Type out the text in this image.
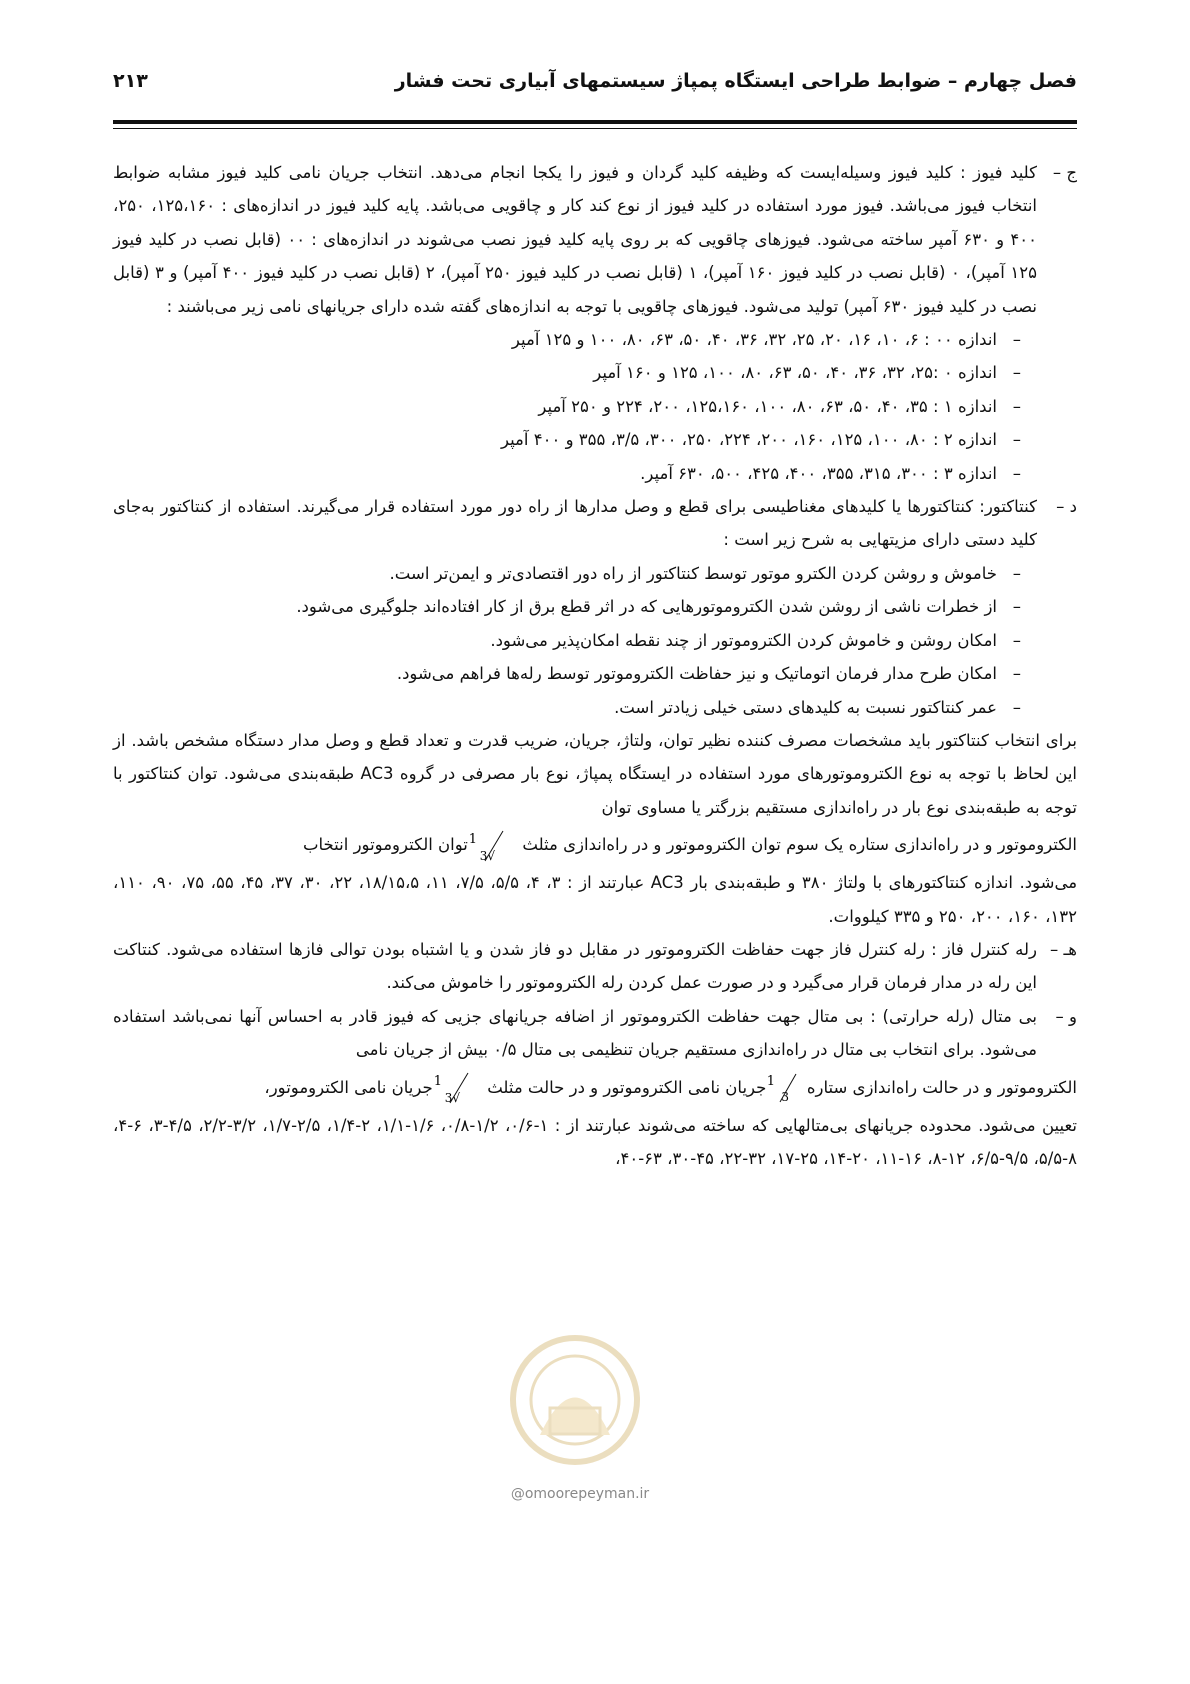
فصل چهارم – ضوابط طراحی ایستگاه پمپاژ سیستمهای آبیاری تحت فشار
۲۱۳
ج –

کلید فیوز : کلید فیوز وسیله‌ایست که وظیفه کلید گردان و فیوز را یکجا انجام می‌دهد. انتخاب جریان نامی کلید فیوز مشابه ضوابط انتخاب فیوز می‌باشد. فیوز مورد استفاده در کلید فیوز از نوع کند کار و چاقویی می‌باشد. پایه کلید فیوز در اندازه‌های : ۱۲۵،۱۶۰، ۲۵۰، ۴۰۰ و ۶۳۰ آمپر ساخته می‌شود. فیوزهای چاقویی که بر روی پایه کلید فیوز نصب می‌شوند در اندازه‌های : ۰۰ (قابل نصب در کلید فیوز ۱۲۵ آمپر)، ۰ (قابل نصب در کلید فیوز ۱۶۰ آمپر)، ۱ (قابل نصب در کلید فیوز ۲۵۰ آمپر)، ۲ (قابل نصب در کلید فیوز ۴۰۰ آمپر) و ۳ (قابل نصب در کلید فیوز ۶۳۰ آمپر) تولید می‌شود. فیوزهای چاقویی با توجه به اندازه‌های گفته شده دارای جریانهای نامی زیر می‌باشند :

–
اندازه ۰۰ : ۶، ۱۰، ۱۶، ۲۰، ۲۵، ۳۲، ۳۶، ۴۰، ۵۰، ۶۳، ۸۰، ۱۰۰ و ۱۲۵ آمپر
–
اندازه ۰ :۲۵، ۳۲، ۳۶، ۴۰، ۵۰، ۶۳، ۸۰، ۱۰۰، ۱۲۵ و ۱۶۰ آمپر
–
اندازه ۱ : ۳۵، ۴۰، ۵۰، ۶۳، ۸۰، ۱۰۰، ۱۲۵،۱۶۰، ۲۰۰، ۲۲۴ و ۲۵۰ آمپر
–
اندازه ۲ : ۸۰، ۱۰۰، ۱۲۵، ۱۶۰، ۲۰۰، ۲۲۴، ۲۵۰، ۳۰۰، ۳/۵، ۳۵۵ و ۴۰۰ آمپر
–
اندازه ۳ : ۳۰۰، ۳۱۵، ۳۵۵، ۴۰۰، ۴۲۵، ۵۰۰، ۶۳۰ آمپر.
د –

کنتاکتور: کنتاکتورها یا کلیدهای مغناطیسی برای قطع و وصل مدارها از راه دور مورد استفاده قرار می‌گیرند. استفاده از کنتاکتور به‌جای کلید دستی دارای مزیتهایی به شرح زیر است :

–
خاموش و روشن کردن الکترو موتور توسط کنتاکتور از راه دور اقتصادی‌تر و ایمن‌تر است.
–
از خطرات ناشی از روشن شدن الکتروموتورهایی که در اثر قطع برق از کار افتاده‌اند جلوگیری می‌شود.
–
امکان روشن و خاموش کردن الکتروموتور از چند نقطه امکان‌پذیر می‌شود.
–
امکان طرح مدار فرمان اتوماتیک و نیز حفاظت الکتروموتور توسط رله‌ها فراهم می‌شود.
–
عمر کنتاکتور نسبت به کلیدهای دستی خیلی زیادتر است.

برای انتخاب کنتاکتور باید مشخصات مصرف کننده نظیر توان، ولتاژ، جریان، ضریب قدرت و تعداد قطع و وصل مدار دستگاه مشخص باشد. از این لحاظ با توجه به نوع الکتروموتورهای مورد استفاده در ایستگاه پمپاژ، نوع بار مصرفی در گروه AC3 طبقه‌بندی می‌شود. توان کنتاکتور با توجه به طبقه‌بندی نوع بار در راه‌اندازی مستقیم بزرگتر یا مساوی توان

الکتروموتور و در راه‌اندازی ستاره یک سوم توان الکتروموتور و در راه‌اندازی مثلث
1
√3
توان الکتروموتور انتخاب

می‌شود. اندازه کنتاکتورهای با ولتاژ ۳۸۰ و طبقه‌بندی بار AC3 عبارتند از : ۳، ۴، ۵/۵، ۷/۵، ۱۱، ۱۸/۱۵،۵، ۲۲، ۳۰، ۳۷، ۴۵، ۵۵، ۷۵، ۹۰، ۱۱۰، ۱۳۲، ۱۶۰، ۲۰۰، ۲۵۰ و ۳۳۵ کیلووات.

هـ –

رله کنترل فاز : رله کنترل فاز جهت حفاظت الکتروموتور در مقابل دو فاز شدن و یا اشتباه بودن توالی فازها استفاده می‌شود. کنتاکت این رله در مدار فرمان قرار می‌گیرد و در صورت عمل کردن رله الکتروموتور را خاموش می‌کند.

و –

بی متال (رله حرارتی) : بی متال جهت حفاظت الکتروموتور از اضافه جریانهای جزیی که فیوز قادر به احساس آنها نمی‌باشد استفاده می‌شود. برای انتخاب بی متال در راه‌اندازی مستقیم جریان تنظیمی بی متال ۰/۵ بیش از جریان نامی

الکتروموتور و در حالت راه‌اندازی ستاره
1
3
جریان نامی الکتروموتور و در حالت مثلث
1
√3
جریان نامی الکتروموتور،

تعیین می‌شود. محدوده جریانهای بی‌متالهایی که ساخته می‌شوند عبارتند از : ۱-۰/۶، ۱/۲-۰/۸، ۱/۶-۱/۱، ۲-۱/۴، ۲/۵-۱/۷، ۳/۲-۲/۲، ۴/۵-۳، ۶-۴، ۸-۵/۵، ۹/۵-۶/۵، ۱۲-۸، ۱۶-۱۱، ۲۰-۱۴، ۲۵-۱۷، ۳۲-۲۲، ۴۵-۳۰، ۶۳-۴۰،

@omoorepeyman.ir
